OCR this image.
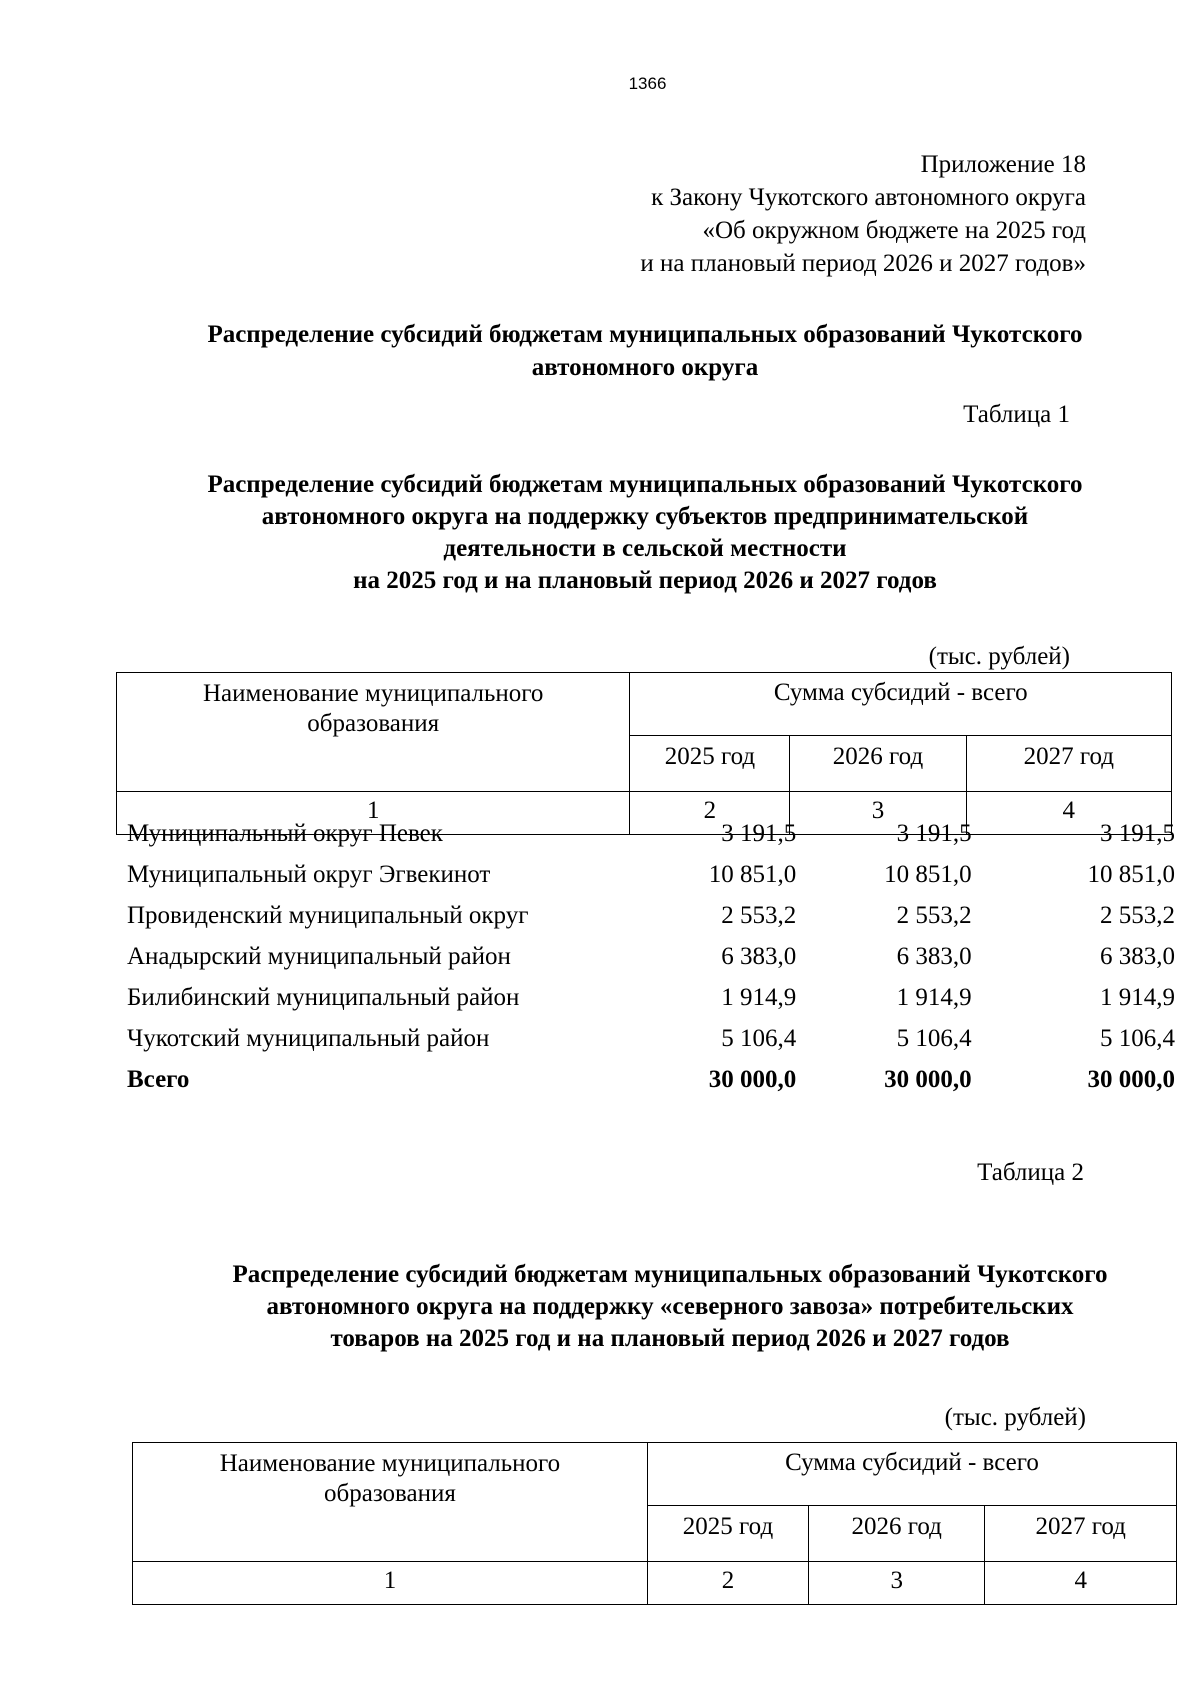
1366
Приложение 18
к Закону Чукотского автономного округа
«Об окружном бюджете на 2025 год
и на плановый период 2026 и 2027 годов»
Распределение субсидий бюджетам муниципальных образований Чукотского
автономного округа
Таблица 1
Распределение субсидий бюджетам муниципальных образований Чукотского
автономного округа на поддержку субъектов предпринимательской
деятельности в сельской местности
на 2025 год и на плановый период 2026 и 2027 годов
(тыс. рублей)
Наименование муниципального
образования	Сумма субсидий - всего		
	2025 год	2026 год	2027 год
1	2	3	4
Муниципальный округ Певек	3 191,5	3 191,5	3 191,5
Муниципальный округ Эгвекинот	10 851,0	10 851,0	10 851,0
Провиденский муниципальный округ	2 553,2	2 553,2	2 553,2
Анадырский муниципальный район	6 383,0	6 383,0	6 383,0
Билибинский муниципальный район	1 914,9	1 914,9	1 914,9
Чукотский муниципальный район	5 106,4	5 106,4	5 106,4
Всего	30 000,0	30 000,0	30 000,0
Таблица 2
Распределение субсидий бюджетам муниципальных образований Чукотского
автономного округа на поддержку «северного завоза» потребительских
товаров на 2025 год и на плановый период 2026 и 2027 годов
(тыс. рублей)
Наименование муниципального
образования	Сумма субсидий - всего		
	2025 год	2026 год	2027 год
1	2	3	4
